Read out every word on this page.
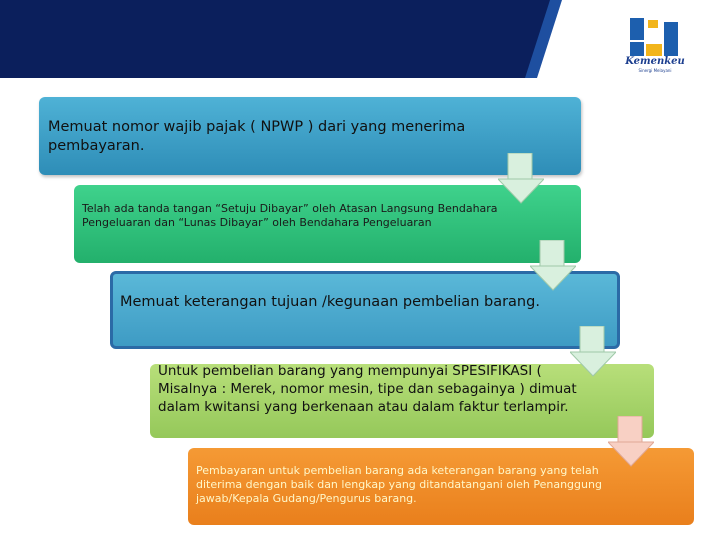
Kemenkeu
Sinergi Melayani
Memuat nomor wajib pajak ( NPWP ) dari yang menerima pembayaran.
Telah ada tanda tangan “Setuju Dibayar” oleh Atasan Langsung Bendahara Pengeluaran dan “Lunas Dibayar” oleh Bendahara Pengeluaran
Memuat keterangan tujuan /kegunaan pembelian barang.
Untuk pembelian barang yang mempunyai SPESIFIKASI ( Misalnya : Merek, nomor mesin, tipe dan sebagainya ) dimuat dalam kwitansi yang berkenaan atau dalam faktur terlampir.
Pembayaran untuk pembelian barang ada keterangan barang yang telah diterima dengan baik dan lengkap yang ditandatangani oleh Penanggung jawab/Kepala Gudang/Pengurus barang.
